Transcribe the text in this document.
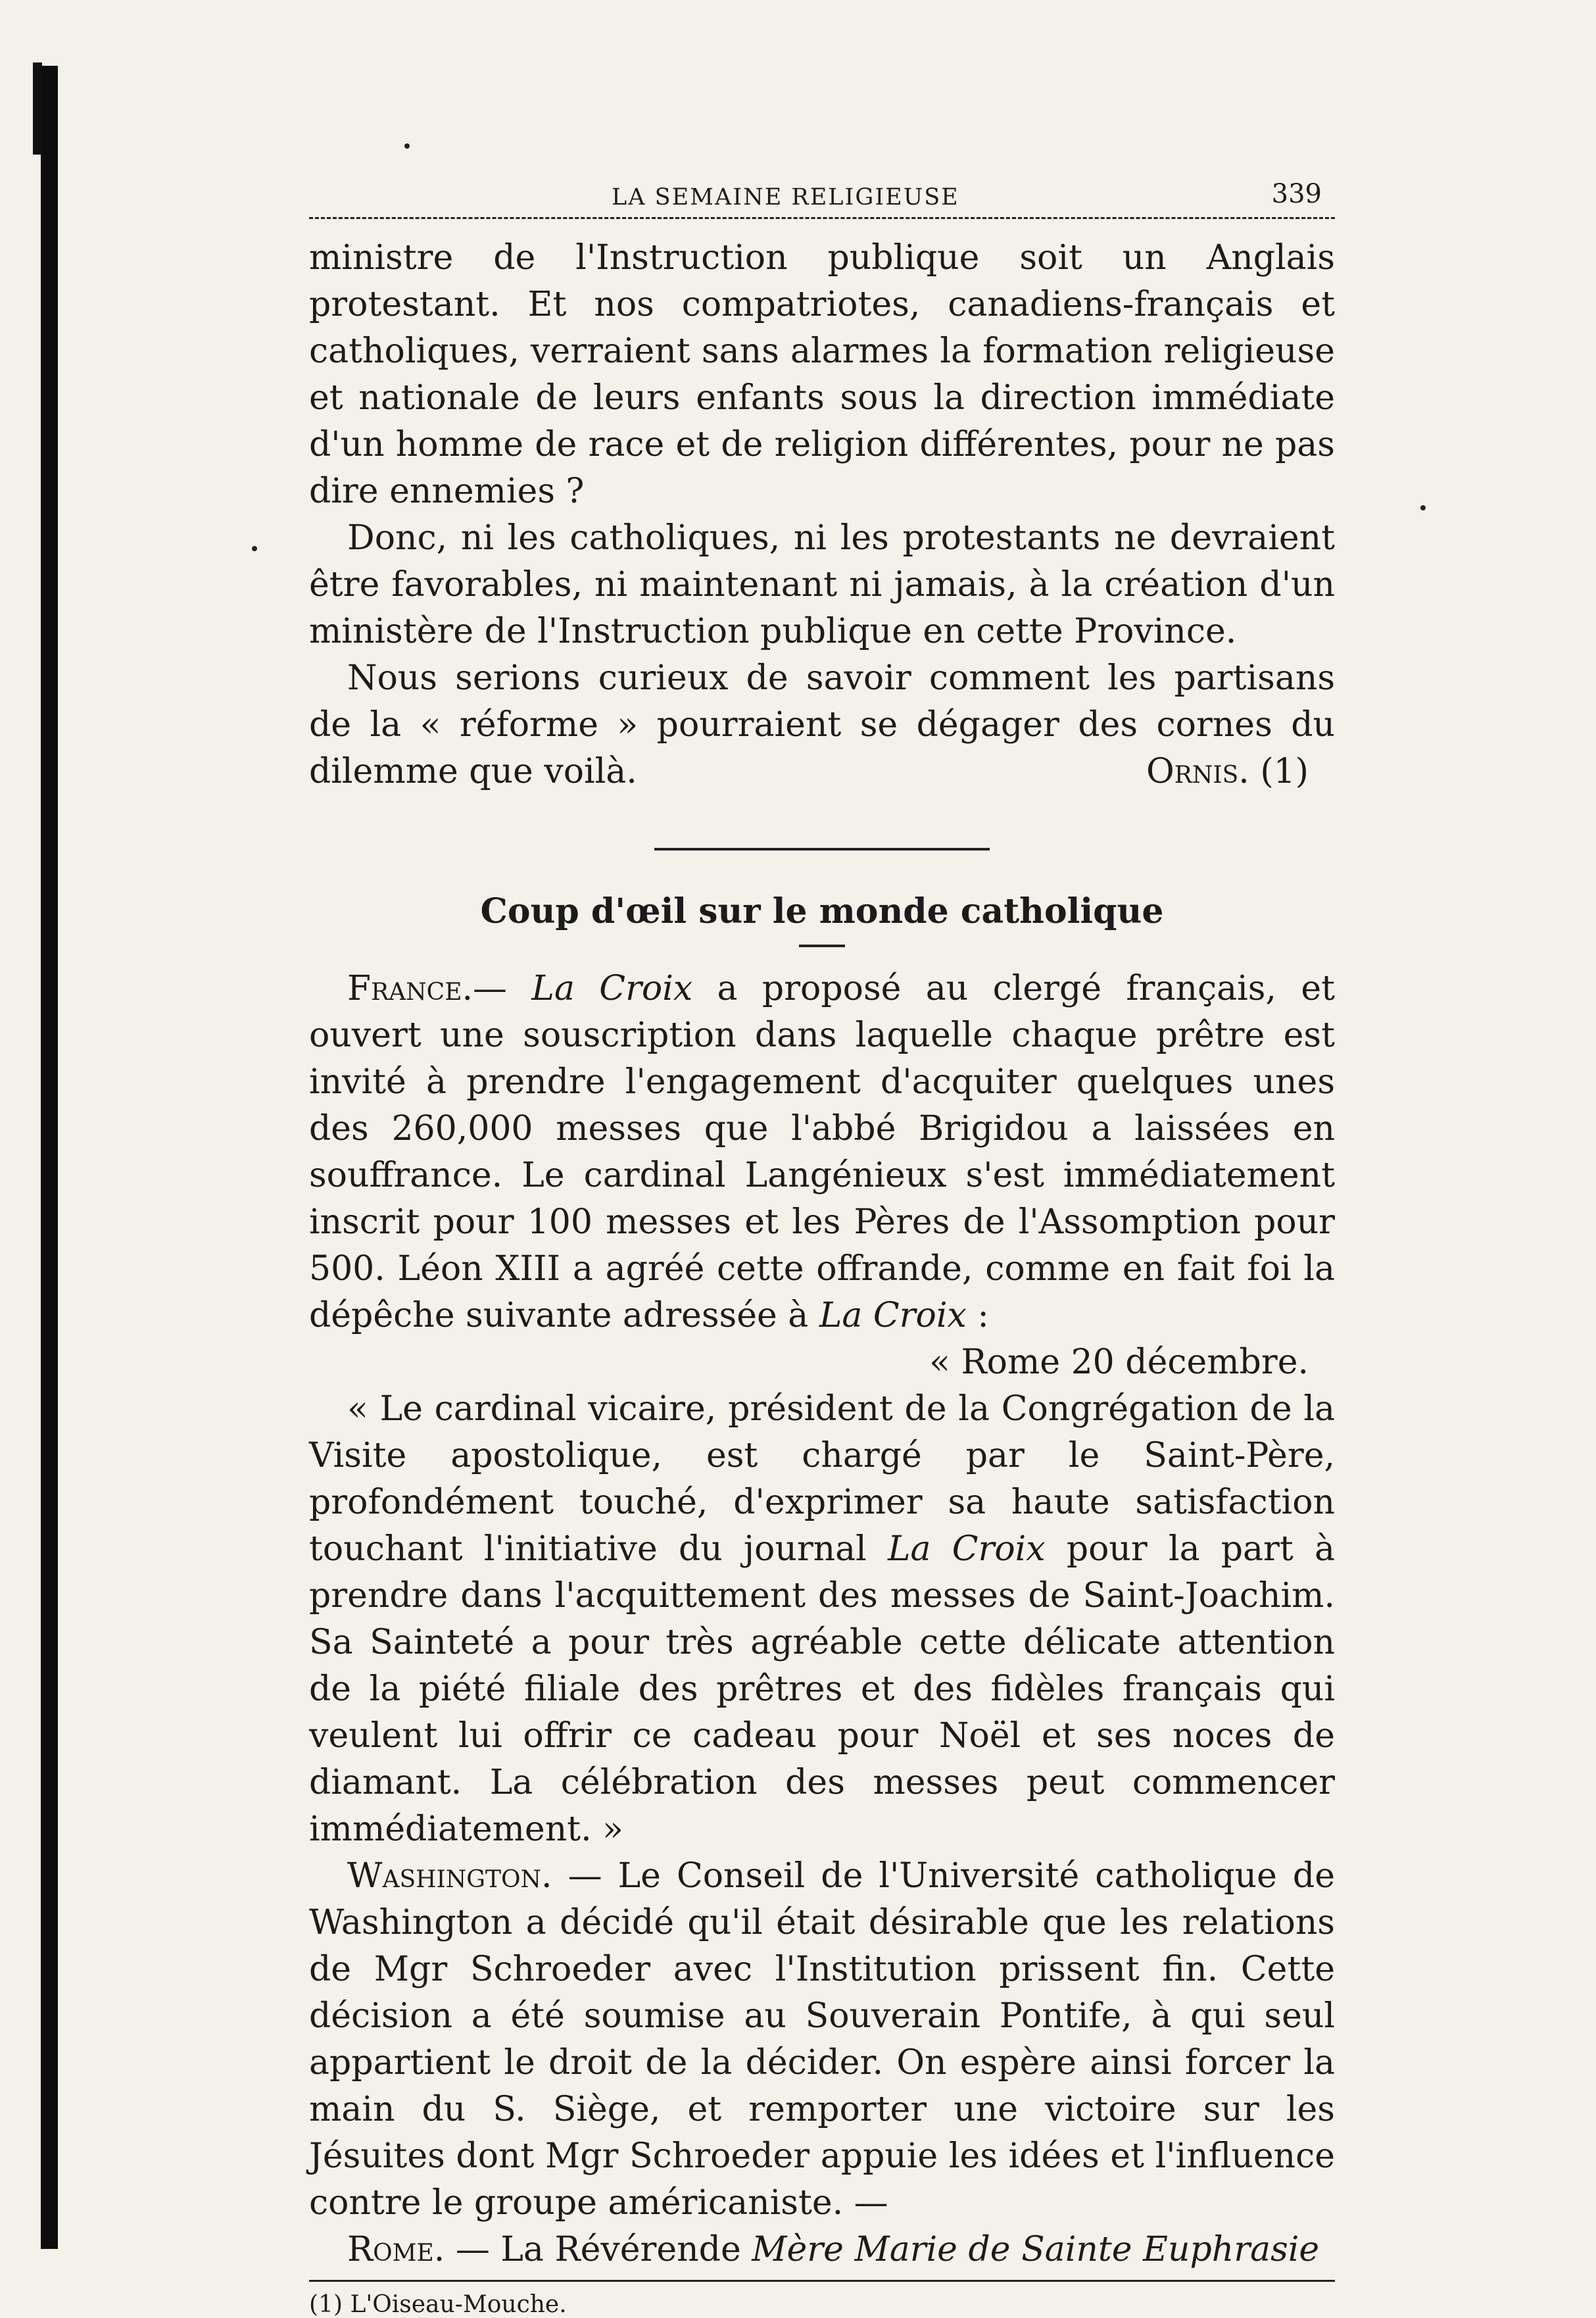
LA SEMAINE RELIGIEUSE	339

ministre de l'Instruction publique soit un Anglais protestant. Et nos compatriotes, canadiens-français et catholiques, verraient sans alarmes la formation religieuse et nationale de leurs enfants sous la direction immédiate d'un homme de race et de religion différentes, pour ne pas dire ennemies ?

Donc, ni les catholiques, ni les protestants ne devraient être favorables, ni maintenant ni jamais, à la création d'un ministère de l'Instruction publique en cette Province.

Nous serions curieux de savoir comment les partisans de la « réforme » pourraient se dégager des cornes du dilemme que voilà.	Ornis. (1)
Coup d'œil sur le monde catholique

France.— La Croix a proposé au clergé français, et ouvert une souscription dans laquelle chaque prêtre est invité à prendre l'engagement d'acquiter quelques unes des 260,000 messes que l'abbé Brigidou a laissées en souffrance. Le cardinal Langénieux s'est immédiatement inscrit pour 100 messes et les Pères de l'Assomption pour 500. Léon XIII a agréé cette offrande, comme en fait foi la dépêche suivante adressée à La Croix :

« Rome 20 décembre.

« Le cardinal vicaire, président de la Congrégation de la Visite apostolique, est chargé par le Saint-Père, profondément touché, d'exprimer sa haute satisfaction touchant l'initiative du journal La Croix pour la part à prendre dans l'acquittement des messes de Saint-Joachim. Sa Sainteté a pour très agréable cette délicate attention de la piété filiale des prêtres et des fidèles français qui veulent lui offrir ce cadeau pour Noël et ses noces de diamant. La célébration des messes peut commencer immédiatement. »

Washington. — Le Conseil de l'Université catholique de Washington a décidé qu'il était désirable que les relations de Mgr Schroeder avec l'Institution prissent fin. Cette décision a été soumise au Souverain Pontife, à qui seul appartient le droit de la décider. On espère ainsi forcer la main du S. Siège, et remporter une victoire sur les Jésuites dont Mgr Schroeder appuie les idées et l'influence contre le groupe américaniste. —

Rome. — La Révérende Mère Marie de Sainte Euphrasie

(1) L'Oiseau-Mouche.
